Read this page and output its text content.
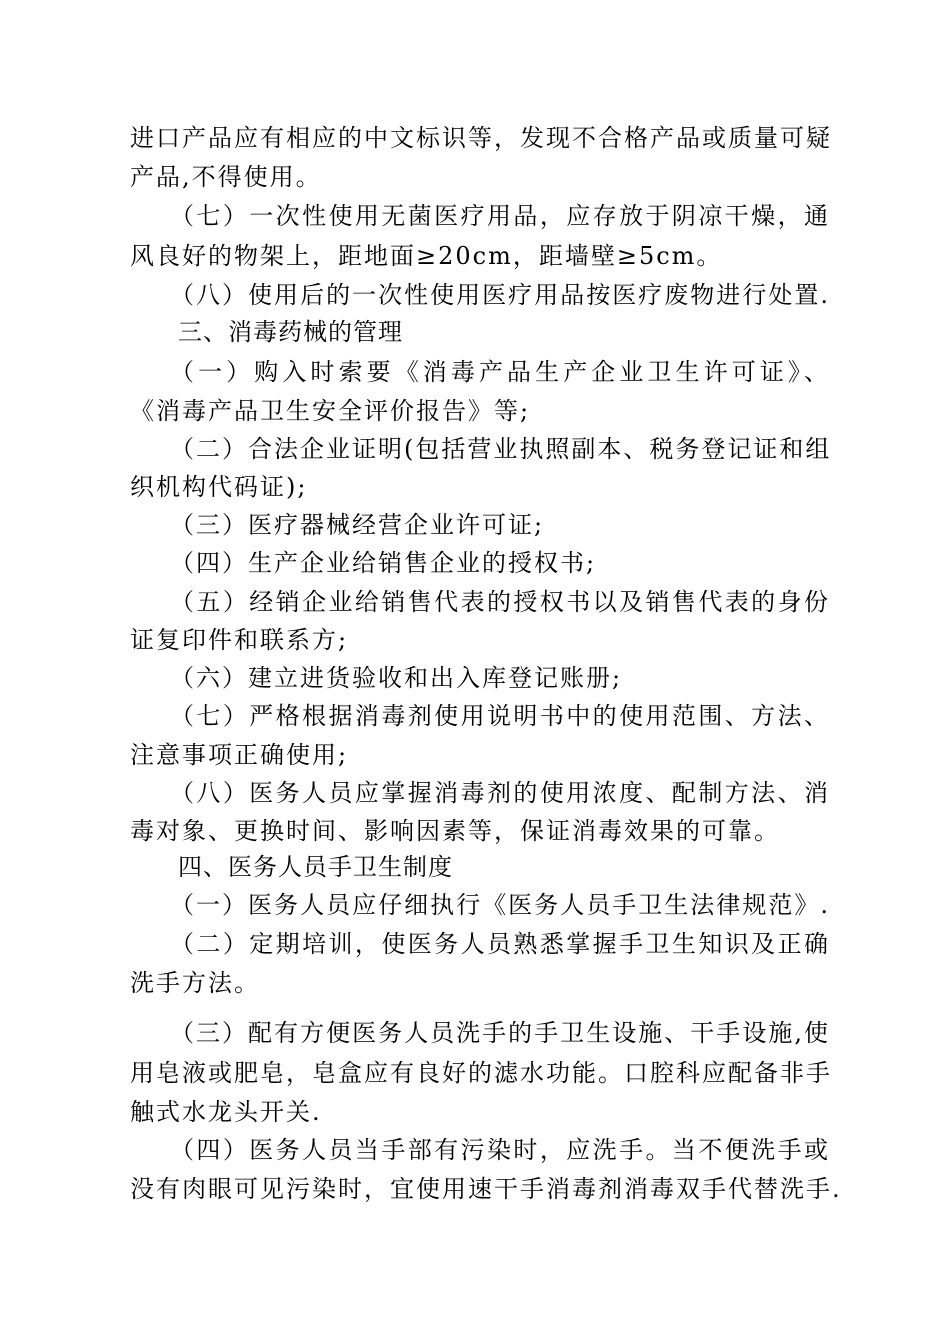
进口产品应有相应的中文标识等，发现不合格产品或质量可疑
产品,不得使用。
（七）一次性使用无菌医疗用品，应存放于阴凉干燥，通
风良好的物架上，距地面≥20cm，距墙壁≥5cm。
（八）使用后的一次性使用医疗用品按医疗废物进行处置.
三、消毒药械的管理
（一）购入时索要《消毒产品生产企业卫生许可证》、
《消毒产品卫生安全评价报告》等;
（二）合法企业证明(包括营业执照副本、税务登记证和组
织机构代码证);
（三）医疗器械经营企业许可证;
（四）生产企业给销售企业的授权书;
（五）经销企业给销售代表的授权书以及销售代表的身份
证复印件和联系方;
（六）建立进货验收和出入库登记账册;
（七）严格根据消毒剂使用说明书中的使用范围、方法、
注意事项正确使用;
（八）医务人员应掌握消毒剂的使用浓度、配制方法、消
毒对象、更换时间、影响因素等，保证消毒效果的可靠。
四、医务人员手卫生制度
（一）医务人员应仔细执行《医务人员手卫生法律规范》.
（二）定期培训，使医务人员熟悉掌握手卫生知识及正确
洗手方法。
（三）配有方便医务人员洗手的手卫生设施、干手设施,使
用皂液或肥皂，皂盒应有良好的滤水功能。口腔科应配备非手
触式水龙头开关.
（四）医务人员当手部有污染时，应洗手。当不便洗手或
没有肉眼可见污染时，宜使用速干手消毒剂消毒双手代替洗手.
